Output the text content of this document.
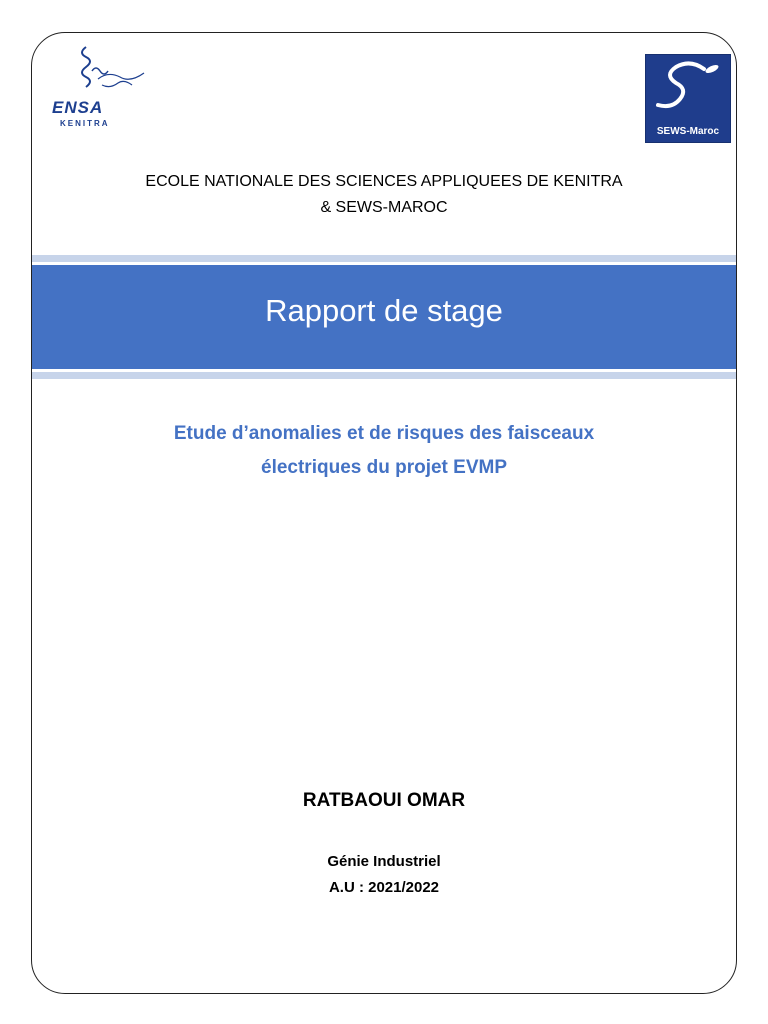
ENSA
KENITRA
SEWS-Maroc
ECOLE NATIONALE DES SCIENCES APPLIQUEES DE KENITRA
& SEWS-MAROC
Rapport de stage
Etude d’anomalies et de risques des faisceaux
électriques du projet EVMP
RATBAOUI OMAR
Génie Industriel
A.U : 2021/2022
